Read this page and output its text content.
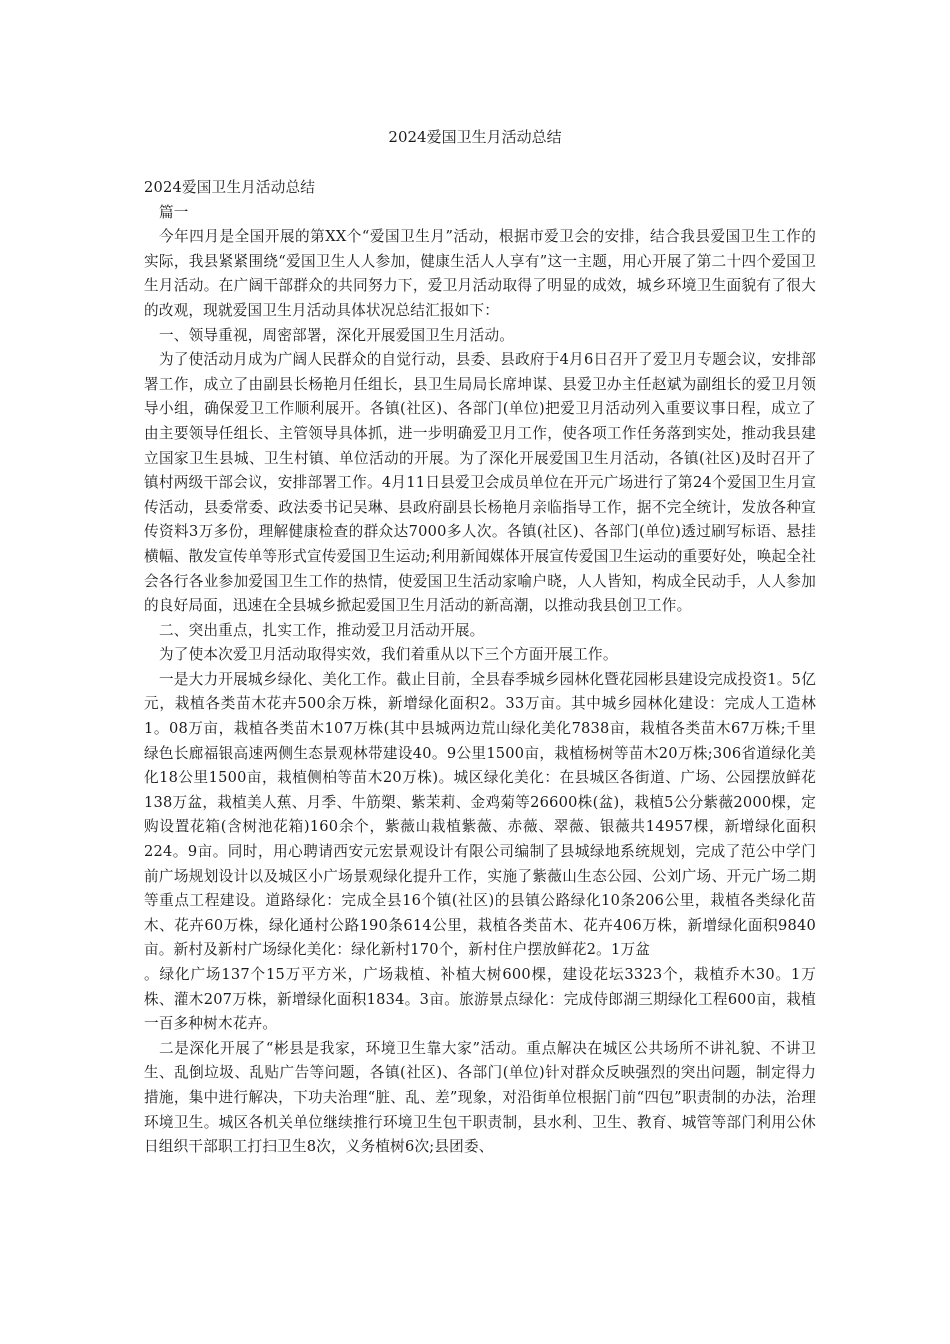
2024爱国卫生月活动总结

2024爱国卫生月活动总结

篇一

今年四月是全国开展的第XX个“爱国卫生月”活动，根据市爱卫会的安排，结合我县爱国卫生工作的实际，我县紧紧围绕“爱国卫生人人参加，健康生活人人享有”这一主题，用心开展了第二十四个爱国卫生月活动。在广阔干部群众的共同努力下，爱卫月活动取得了明显的成效，城乡环境卫生面貌有了很大的改观，现就爱国卫生月活动具体状况总结汇报如下：

一、领导重视，周密部署，深化开展爱国卫生月活动。

为了使活动月成为广阔人民群众的自觉行动，县委、县政府于4月6日召开了爱卫月专题会议，安排部署工作，成立了由副县长杨艳月任组长，县卫生局局长席坤谋、县爱卫办主任赵斌为副组长的爱卫月领导小组，确保爱卫工作顺利展开。各镇(社区)、各部门(单位)把爱卫月活动列入重要议事日程，成立了由主要领导任组长、主管领导具体抓，进一步明确爱卫月工作，使各项工作任务落到实处，推动我县建立国家卫生县城、卫生村镇、单位活动的开展。为了深化开展爱国卫生月活动，各镇(社区)及时召开了镇村两级干部会议，安排部署工作。4月11日县爱卫会成员单位在开元广场进行了第24个爱国卫生月宣传活动，县委常委、政法委书记吴琳、县政府副县长杨艳月亲临指导工作，据不完全统计，发放各种宣传资料3万多份，理解健康检查的群众达7000多人次。各镇(社区)、各部门(单位)透过刷写标语、悬挂横幅、散发宣传单等形式宣传爱国卫生运动;利用新闻媒体开展宣传爱国卫生运动的重要好处，唤起全社会各行各业参加爱国卫生工作的热情，使爱国卫生活动家喻户晓，人人皆知，构成全民动手，人人参加的良好局面，迅速在全县城乡掀起爱国卫生月活动的新高潮，以推动我县创卫工作。

二、突出重点，扎实工作，推动爱卫月活动开展。

为了使本次爱卫月活动取得实效，我们着重从以下三个方面开展工作。

一是大力开展城乡绿化、美化工作。截止目前，全县春季城乡园林化暨花园彬县建设完成投资1。5亿元，栽植各类苗木花卉500余万株，新增绿化面积2。33万亩。其中城乡园林化建设：完成人工造林1。08万亩，栽植各类苗木107万株(其中县城两边荒山绿化美化7838亩，栽植各类苗木67万株;千里绿色长廊福银高速两侧生态景观林带建设40。9公里1500亩，栽植杨树等苗木20万株;306省道绿化美化18公里1500亩，栽植侧柏等苗木20万株)。城区绿化美化：在县城区各街道、广场、公园摆放鲜花138万盆，栽植美人蕉、月季、牛筋槊、紫茉莉、金鸡菊等26600株(盆)，栽植5公分紫薇2000棵，定购设置花箱(含树池花箱)160余个，紫薇山栽植紫薇、赤薇、翠薇、银薇共14957棵，新增绿化面积224。9亩。同时，用心聘请西安元宏景观设计有限公司编制了县城绿地系统规划，完成了范公中学门前广场规划设计以及城区小广场景观绿化提升工作，实施了紫薇山生态公园、公刘广场、开元广场二期等重点工程建设。道路绿化：完成全县16个镇(社区)的县镇公路绿化10条206公里，栽植各类绿化苗木、花卉60万株，绿化通村公路190条614公里，栽植各类苗木、花卉406万株，新增绿化面积9840亩。新村及新村广场绿化美化：绿化新村170个，新村住户摆放鲜花2。1万盆

。绿化广场137个15万平方米，广场栽植、补植大树600棵，建设花坛3323个，栽植乔木30。1万株、灌木207万株，新增绿化面积1834。3亩。旅游景点绿化：完成侍郎湖三期绿化工程600亩，栽植一百多种树木花卉。

二是深化开展了“彬县是我家，环境卫生靠大家”活动。重点解决在城区公共场所不讲礼貌、不讲卫生、乱倒垃圾、乱贴广告等问题，各镇(社区)、各部门(单位)针对群众反映强烈的突出问题，制定得力措施，集中进行解决，下功夫治理“脏、乱、差”现象，对沿街单位根据门前“四包”职责制的办法，治理环境卫生。城区各机关单位继续推行环境卫生包干职责制，县水利、卫生、教育、城管等部门利用公休日组织干部职工打扫卫生8次，义务植树6次;县团委、
